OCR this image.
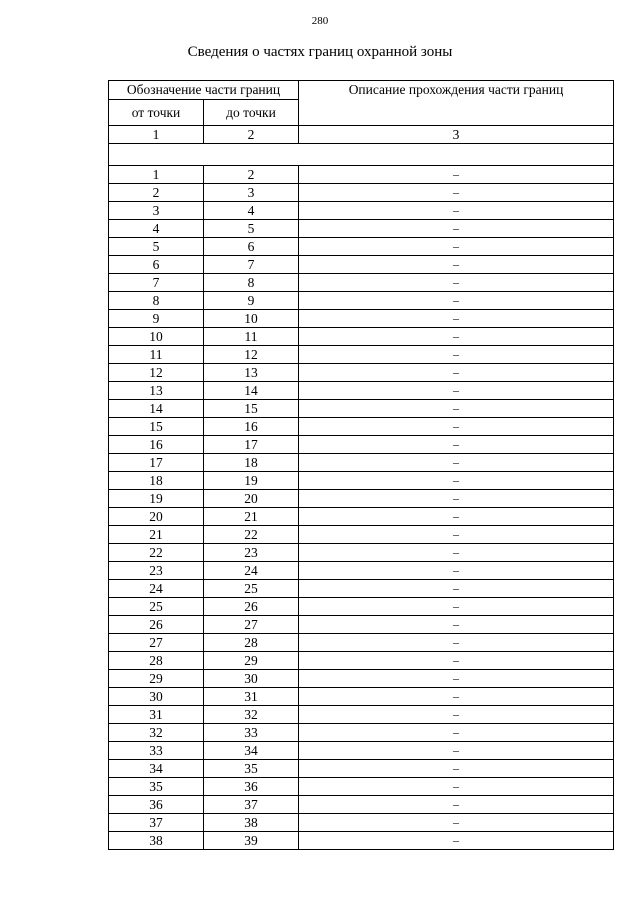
280
Сведения о частях границ охранной зоны
Обозначение части границ		Описание прохождения части границ
от точки	до точки	
1	2	3

1	2	–
2	3	–
3	4	–
4	5	–
5	6	–
6	7	–
7	8	–
8	9	–
9	10	–
10	11	–
11	12	–
12	13	–
13	14	–
14	15	–
15	16	–
16	17	–
17	18	–
18	19	–
19	20	–
20	21	–
21	22	–
22	23	–
23	24	–
24	25	–
25	26	–
26	27	–
27	28	–
28	29	–
29	30	–
30	31	–
31	32	–
32	33	–
33	34	–
34	35	–
35	36	–
36	37	–
37	38	–
38	39	–
